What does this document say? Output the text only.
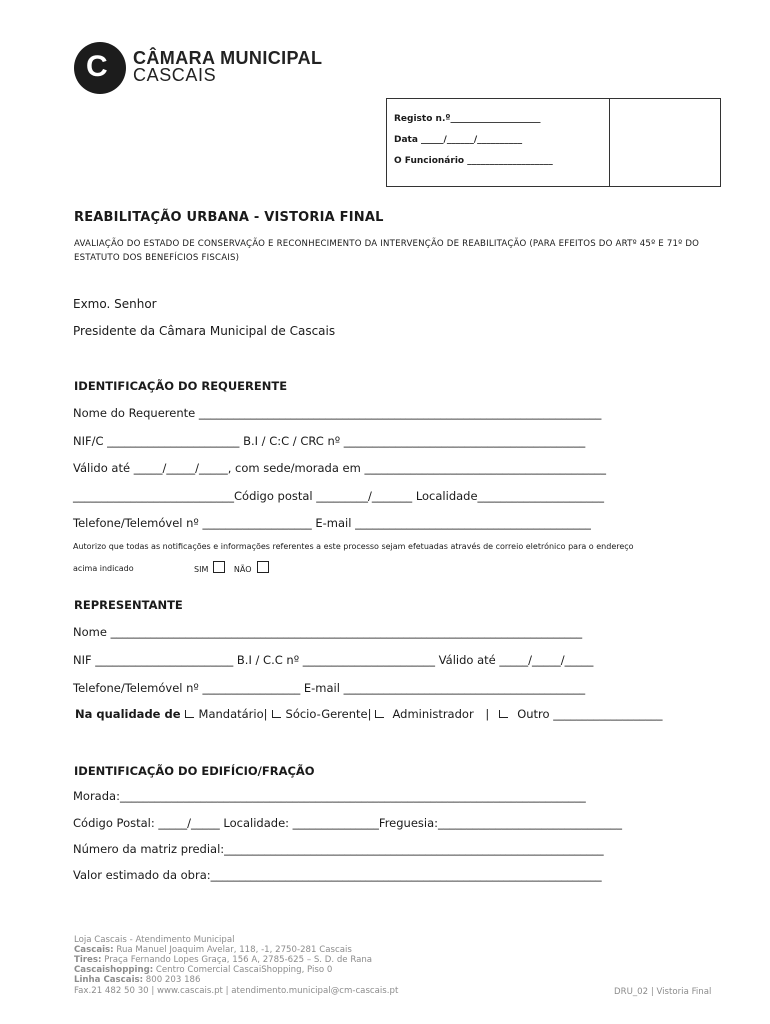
C CÂMARA MUNICIPAL
CASCAIS
Registo n.º____________________
Data _____/______/__________
O Funcionário ___________________
REABILITAÇÃO URBANA - VISTORIA FINAL
AVALIAÇÃO DO ESTADO DE CONSERVAÇÃO E RECONHECIMENTO DA INTERVENÇÃO DE REABILITAÇÃO (PARA EFEITOS DO ARTº 45º E 71º DO ESTATUTO DOS BENEFÍCIOS FISCAIS)
Exmo. Senhor
Presidente da Câmara Municipal de Cascais
IDENTIFICAÇÃO DO REQUERENTE
Nome do Requerente ______________________________________________________________________
NIF/C _______________________ B.I / C:C / CRC nº __________________________________________
Válido até _____/_____/_____, com sede/morada em __________________________________________
____________________________Código postal _________/_______ Localidade______________________
Telefone/Telemóvel nº ___________________ E-mail _________________________________________
Autorizo que todas as notificações e informações referentes a este processo sejam efetuadas através de correio eletrónico para o endereço
acima indicado	SIM	NÃO
REPRESENTANTE
Nome __________________________________________________________________________________
NIF ________________________ B.I / C.C nº _______________________ Válido até _____/_____/_____
Telefone/Telemóvel nº _________________ E-mail __________________________________________
Na qualidade de Mandatário| Sócio-Gerente| Administrador | Outro ___________________
IDENTIFICAÇÃO DO EDIFÍCIO/FRAÇÃO
Morada:_________________________________________________________________________________
Código Postal: _____/_____ Localidade: _______________Freguesia:________________________________
Número da matriz predial:__________________________________________________________________
Valor estimado da obra:____________________________________________________________________
Loja Cascais - Atendimento Municipal
Cascais: Rua Manuel Joaquim Avelar, 118, -1, 2750-281 Cascais
Tires: Praça Fernando Lopes Graça, 156 A, 2785-625 – S. D. de Rana
Cascaishopping: Centro Comercial CascaiShopping, Piso 0
Linha Cascais: 800 203 186
Fax.21 482 50 30 | www.cascais.pt | atendimento.municipal@cm-cascais.pt	DRU_02 | Vistoria Final
